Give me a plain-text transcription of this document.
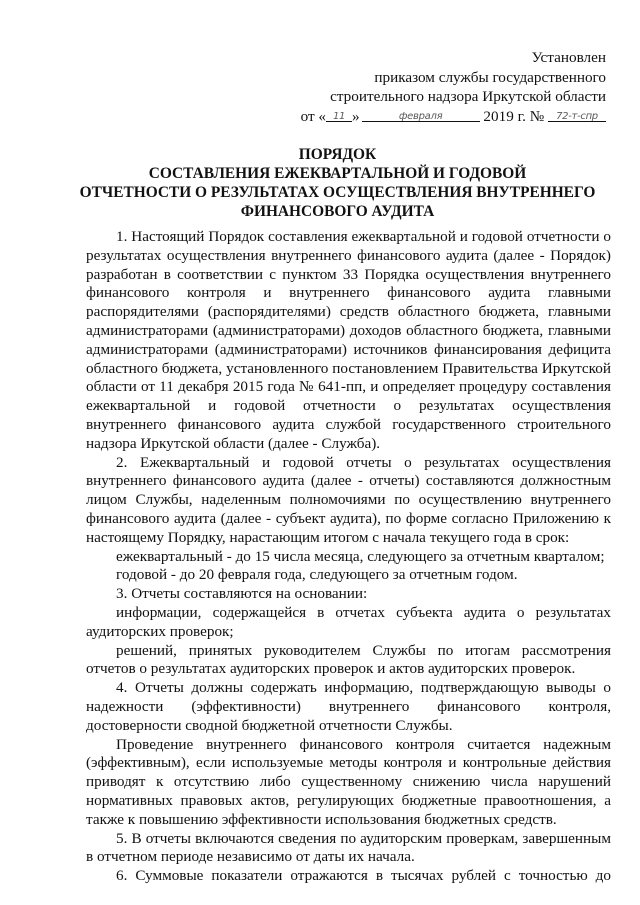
Установлен
приказом службы государственного
строительного надзора Иркутской области
от « 11 »	февраля	2019 г. № 72-т-спр
ПОРЯДОК
СОСТАВЛЕНИЯ ЕЖЕКВАРТАЛЬНОЙ И ГОДОВОЙ
ОТЧЕТНОСТИ О РЕЗУЛЬТАТАХ ОСУЩЕСТВЛЕНИЯ ВНУТРЕННЕГО
ФИНАНСОВОГО АУДИТА

1. Настоящий Порядок составления ежеквартальной и годовой отчетности о результатах осуществления внутреннего финансового аудита (далее - Порядок) разработан в соответствии с пунктом 33 Порядка осуществления внутреннего финансового контроля и внутреннего финансового аудита главными распорядителями (распорядителями) средств областного бюджета, главными администраторами (администраторами) доходов областного бюджета, главными администраторами (администраторами) источников финансирования дефицита областного бюджета, установленного постановлением Правительства Иркутской области от 11 декабря 2015 года № 641-пп, и определяет процедуру составления ежеквартальной и годовой отчетности о результатах осуществления внутреннего финансового аудита службой государственного строительного надзора Иркутской области (далее - Служба).

2. Ежеквартальный и годовой отчеты о результатах осуществления внутреннего финансового аудита (далее - отчеты) составляются должностным лицом Службы, наделенным полномочиями по осуществлению внутреннего финансового аудита (далее - субъект аудита), по форме согласно Приложению к настоящему Порядку, нарастающим итогом с начала текущего года в срок:

ежеквартальный - до 15 числа месяца, следующего за отчетным кварталом;

годовой - до 20 февраля года, следующего за отчетным годом.

3. Отчеты составляются на основании:

информации, содержащейся в отчетах субъекта аудита о результатах аудиторских проверок;

решений, принятых руководителем Службы по итогам рассмотрения отчетов о результатах аудиторских проверок и актов аудиторских проверок.

4. Отчеты должны содержать информацию, подтверждающую выводы о надежности (эффективности) внутреннего финансового контроля, достоверности сводной бюджетной отчетности Службы.

Проведение внутреннего финансового контроля считается надежным (эффективным), если используемые методы контроля и контрольные действия приводят к отсутствию либо существенному снижению числа нарушений нормативных правовых актов, регулирующих бюджетные правоотношения, а также к повышению эффективности использования бюджетных средств.

5. В отчеты включаются сведения по аудиторским проверкам, завершенным в отчетном периоде независимо от даты их начала.

6. Суммовые показатели отражаются в тысячах рублей с точностью до
